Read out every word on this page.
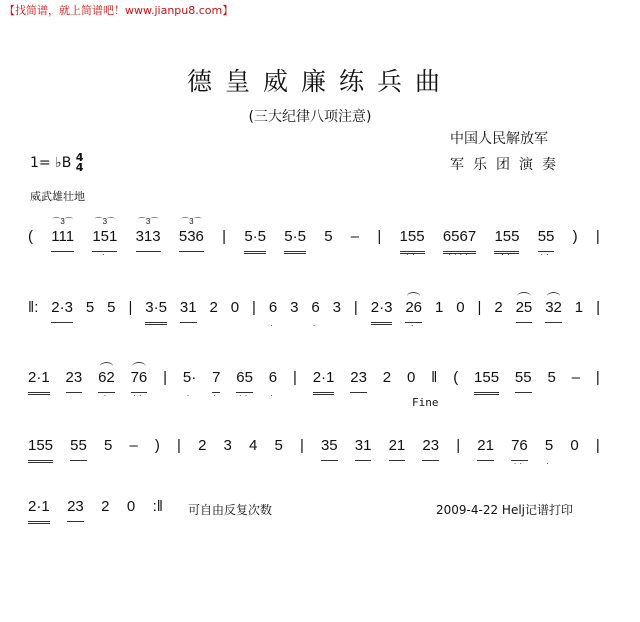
【找简谱，就上简谱吧！www.jianpu8.com】
德皇威廉练兵曲
(三大纪律八项注意)
中国人民解放军
军乐团演奏
1= ♭B 4
4
威武雄壮地
( 111
⌒3⌒
151
·
⌒3⌒
313
⌒3⌒
536
⌒3⌒
| 5·5 5·5 5 – | 155
··
6567
····
155
··
55
··
) |
‖: 2·3 5 5 | 3·5 31 2 0 | 6
·
3 6
·
3 | 2·3 26
·
1 0 | 2 25 32 1 |
2·1 23 62
·
76
··
| 5·
·
7
·
65
··
6
·
| 2·1 23 2 0 ‖ ( 155 55 5 – |
155 55 5 – ) | 2 3 4 5 | 35 31 21 23 | 21 76
··
5
·
0 |
2·1 23 2 0 :‖
Fine
可自由反复次数	2009-4-22 Helj记谱打印
